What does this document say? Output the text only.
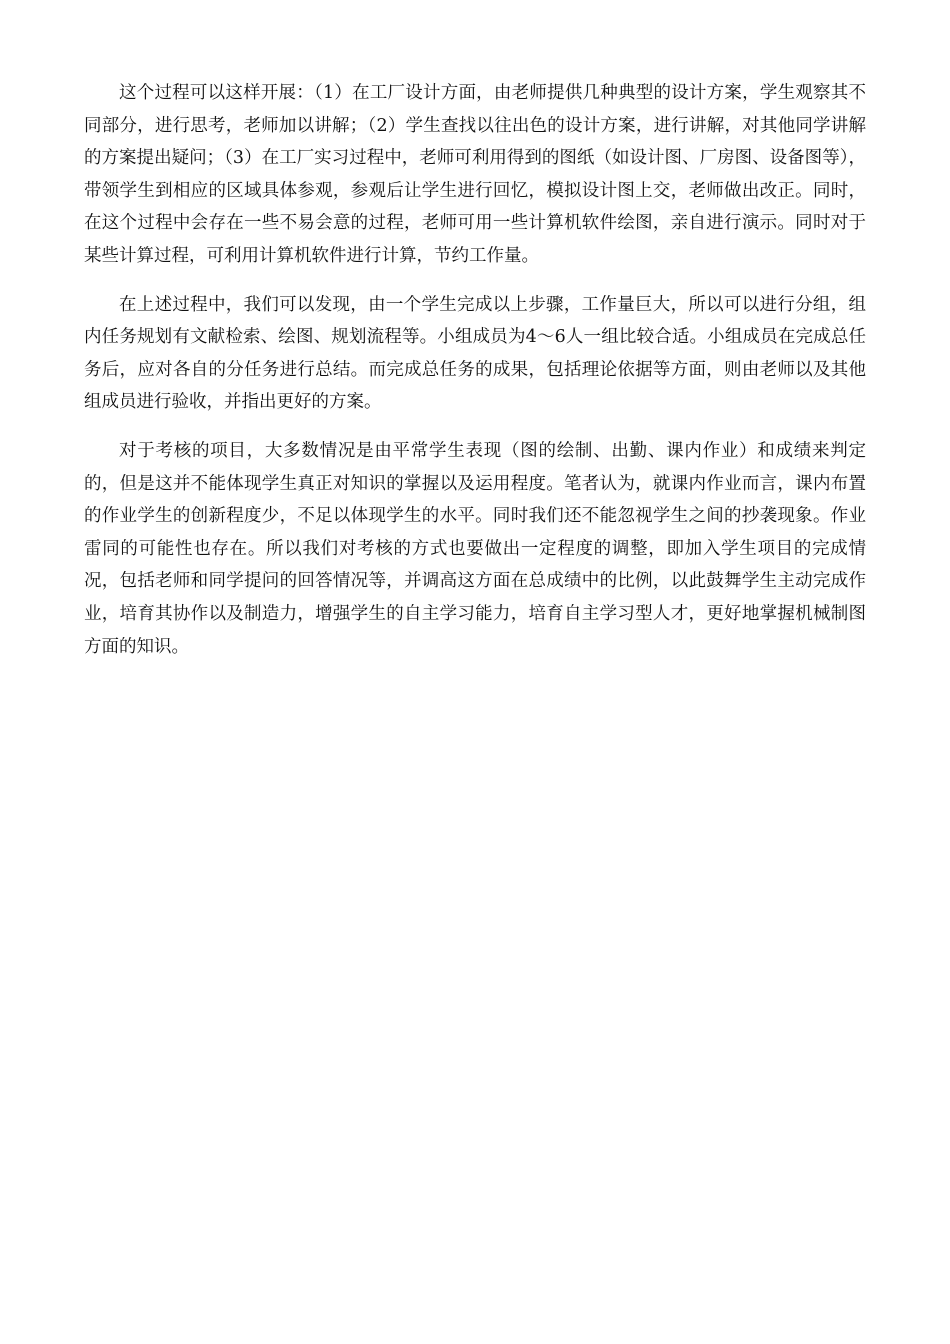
这个过程可以这样开展：（1）在工厂设计方面，由老师提供几种典型的设计方案，学生观察其不同部分，进行思考，老师加以讲解；（2）学生查找以往出色的设计方案，进行讲解，对其他同学讲解的方案提出疑问；（3）在工厂实习过程中，老师可利用得到的图纸（如设计图、厂房图、设备图等），带领学生到相应的区域具体参观，参观后让学生进行回忆，模拟设计图上交，老师做出改正。同时，在这个过程中会存在一些不易会意的过程，老师可用一些计算机软件绘图，亲自进行演示。同时对于某些计算过程，可利用计算机软件进行计算，节约工作量。

在上述过程中，我们可以发现，由一个学生完成以上步骤，工作量巨大，所以可以进行分组，组内任务规划有文献检索、绘图、规划流程等。小组成员为4～6人一组比较合适。小组成员在完成总任务后，应对各自的分任务进行总结。而完成总任务的成果，包括理论依据等方面，则由老师以及其他组成员进行验收，并指出更好的方案。

对于考核的项目，大多数情况是由平常学生表现（图的绘制、出勤、课内作业）和成绩来判定的，但是这并不能体现学生真正对知识的掌握以及运用程度。笔者认为，就课内作业而言，课内布置的作业学生的创新程度少，不足以体现学生的水平。同时我们还不能忽视学生之间的抄袭现象。作业雷同的可能性也存在。所以我们对考核的方式也要做出一定程度的调整，即加入学生项目的完成情况，包括老师和同学提问的回答情况等，并调高这方面在总成绩中的比例，以此鼓舞学生主动完成作业，培育其协作以及制造力，增强学生的自主学习能力，培育自主学习型人才，更好地掌握机械制图方面的知识。
